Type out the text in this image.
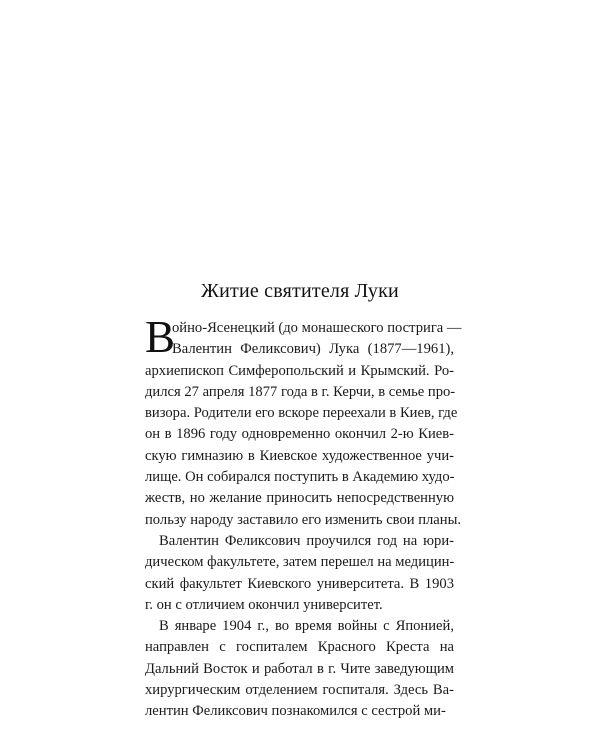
Житие святителя Луки
В
ойно-Ясенецкий (до монашеского пострига —
Валентин Феликсович) Лука (1877—1961),
архиепископ Симферопольский и Крымский. Ро-
дился 27 апреля 1877 года в г. Керчи, в семье про-
визора. Родители его вскоре переехали в Киев, где
он в 1896 году одновременно окончил 2-ю Киев-
скую гимназию в Киевское художественное учи-
лище. Он собирался поступить в Академию худо-
жеств, но желание приносить непосредственную
пользу народу заставило его изменить свои планы.
Валентин Феликсович проучился год на юри-
дическом факультете, затем перешел на медицин-
ский факультет Киевского университета. В 1903
г. он с отличием окончил университет.
В январе 1904 г., во время войны с Японией,
направлен с госпиталем Красного Креста на
Дальний Восток и работал в г. Чите заведующим
хирургическим отделением госпиталя. Здесь Ва-
лентин Феликсович познакомился с сестрой ми-
